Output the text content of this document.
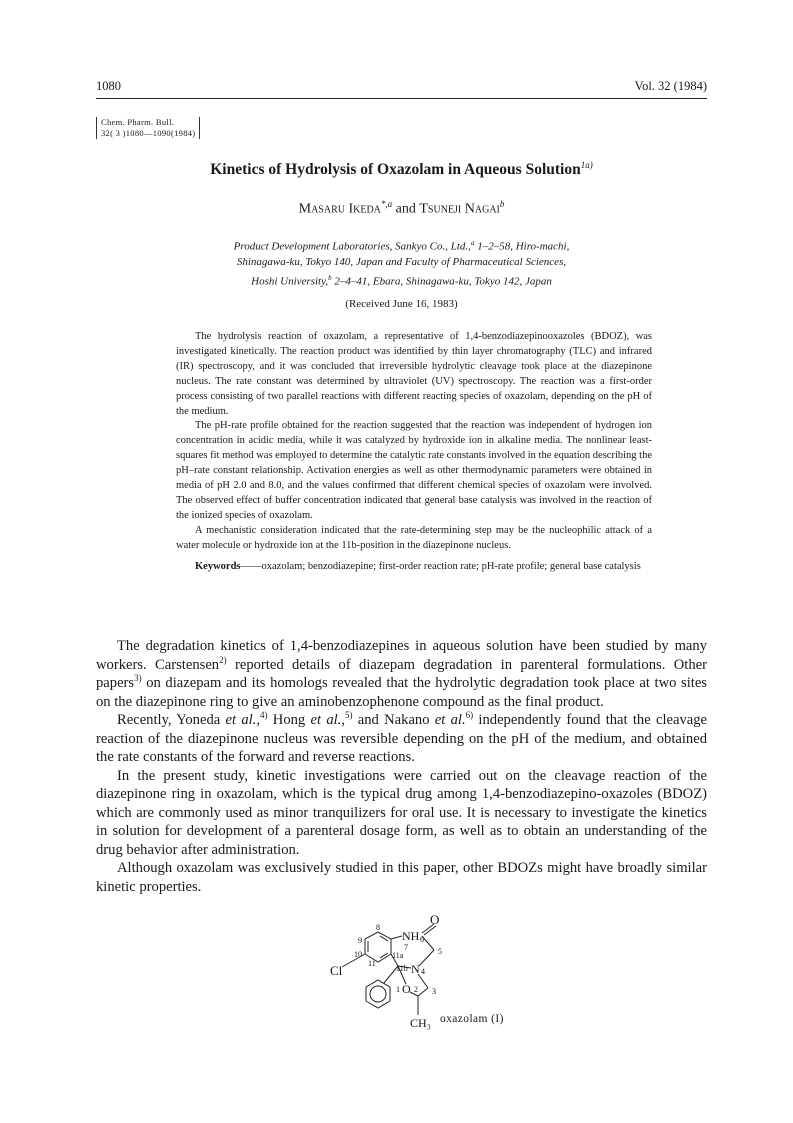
1080	Vol. 32 (1984)
Chem. Pharm. Bull.
32( 3 )1080—1090(1984)
Kinetics of Hydrolysis of Oxazolam in Aqueous Solution$^{1a)}$
Masaru Ikeda$^{*,a}$ and Tsuneji Nagai$^b$
Product Development Laboratories, Sankyo Co., Ltd.,$^a$ 1–2–58, Hiro-machi,
Shinagawa-ku, Tokyo 140, Japan and Faculty of Pharmaceutical Sciences,
Hoshi University,$^b$ 2–4–41, Ebara, Shinagawa-ku, Tokyo 142, Japan
(Received June 16, 1983)

The hydrolysis reaction of oxazolam, a representative of 1,4-benzodiazepinooxazoles (BDOZ), was investigated kinetically. The reaction product was identified by thin layer chromatography (TLC) and infrared (IR) spectroscopy, and it was concluded that irreversible hydrolytic cleavage took place at the diazepinone nucleus. The rate constant was determined by ultraviolet (UV) spectroscopy. The reaction was a first-order process consisting of two parallel reactions with different reacting species of oxazolam, depending on the pH of the medium.

The pH-rate profile obtained for the reaction suggested that the reaction was independent of hydrogen ion concentration in acidic media, while it was catalyzed by hydroxide ion in alkaline media. The nonlinear least-squares fit method was employed to determine the catalytic rate constants involved in the equation describing the pH–rate constant relationship. Activation energies as well as other thermodynamic parameters were obtained in media of pH 2.0 and 8.0, and the values confirmed that different chemical species of oxazolam were involved. The observed effect of buffer concentration indicated that general base catalysis was involved in the reaction of the ionized species of oxazolam.

A mechanistic consideration indicated that the rate-determining step may be the nucleophilic attack of a water molecule or hydroxide ion at the 11b-position in the diazepinone nucleus.

Keywords——oxazolam; benzodiazepine; first-order reaction rate; pH-rate profile; general base catalysis

The degradation kinetics of 1,4-benzodiazepines in aqueous solution have been studied by many workers. Carstensen$^{2)}$ reported details of diazepam degradation in parenteral formulations. Other papers$^{3)}$ on diazepam and its homologs revealed that the hydrolytic degradation took place at two sites on the diazepinone ring to give an aminobenzophenone compound as the final product.

Recently, Yoneda et al.,$^{4)}$ Hong et al.,$^{5)}$ and Nakano et al.$^{6)}$ independently found that the cleavage reaction of the diazepinone nucleus was reversible depending on the pH of the medium, and obtained the rate constants of the forward and reverse reactions.

In the present study, kinetic investigations were carried out on the cleavage reaction of the diazepinone ring in oxazolam, which is the typical drug among 1,4-benzodiazepino-oxazoles (BDOZ) which are commonly used as minor tranquilizers for oral use. It is necessary to investigate the kinetics in solution for development of a parenteral dosage form, as well as to obtain an understanding of the drug behavior after administration.

Although oxazolam was exclusively studied in this paper, other BDOZs might have broadly similar kinetic properties.

O
NH 6
8
9
7	5
10	11a
11
11b N 4
Cl
O
1 2 3
CH₃ oxazolam (I)
